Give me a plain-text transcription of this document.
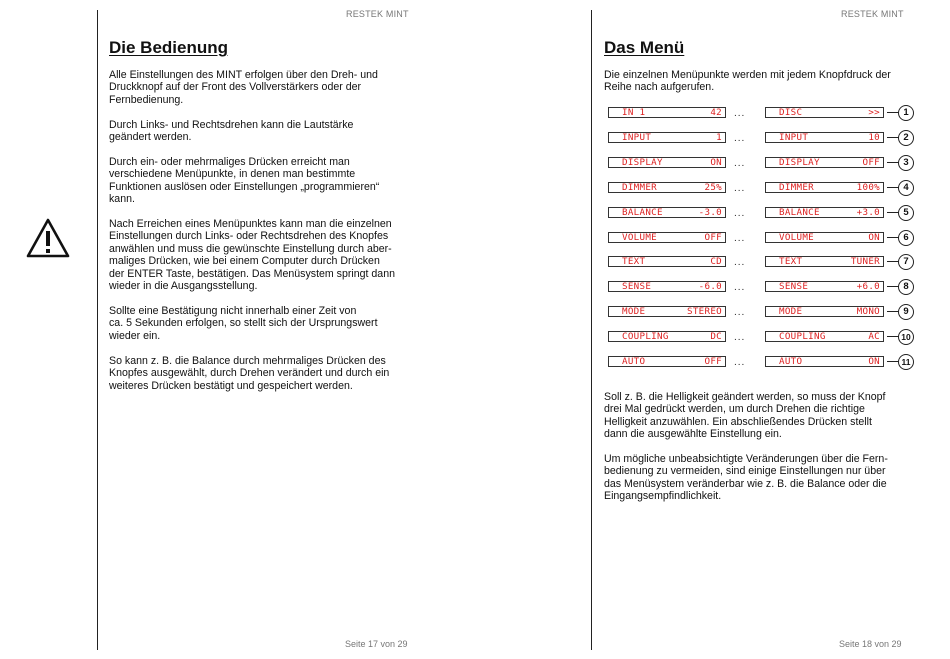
RESTEK MINT
Die Bedienung

Alle Einstellungen des MINT erfolgen über den Dreh- und
Druckknopf auf der Front des Vollverstärkers oder der
Fernbedienung.

Durch Links- und Rechtsdrehen kann die Lautstärke
geändert werden.

Durch ein- oder mehrmaliges Drücken erreicht man
verschiedene Menüpunkte, in denen man bestimmte
Funktionen auslösen oder Einstellungen „programmieren“
kann.

Nach Erreichen eines Menüpunktes kann man die einzelnen
Einstellungen durch Links- oder Rechtsdrehen des Knopfes
anwählen und muss die gewünschte Einstellung durch aber-
maliges Drücken, wie bei einem Computer durch Drücken
der ENTER Taste, bestätigen. Das Menüsystem springt dann
wieder in die Ausgangsstellung.

Sollte eine Bestätigung nicht innerhalb einer Zeit von
ca. 5 Sekunden erfolgen, so stellt sich der Ursprungswert
wieder ein.

So kann z. B. die Balance durch mehrmaliges Drücken des
Knopfes ausgewählt, durch Drehen verändert und durch ein
weiteres Drücken bestätigt und gespeichert werden.

Seite 17 von 29
RESTEK MINT
Das Menü

Die einzelnen Menüpunkte werden mit jedem Knopfdruck der
Reihe nach aufgerufen.

IN 1	42 ...	DISC	>>	1
INPUT	1 ...	INPUT	10	2
DISPLAY	ON ...	DISPLAY	OFF	3
DIMMER	25% ...	DIMMER	100%	4
BALANCE	-3.0 ...	BALANCE	+3.0	5
VOLUME	OFF ...	VOLUME	ON	6
TEXT	CD ...	TEXT	TUNER	7
SENSE	-6.0 ...	SENSE	+6.0	8
MODE	STEREO ...	MODE	MONO	9
COUPLING	DC ...	COUPLING	AC	10
AUTO	OFF ...	AUTO	ON	11

Soll z. B. die Helligkeit geändert werden, so muss der Knopf
drei Mal gedrückt werden, um durch Drehen die richtige
Helligkeit anzuwählen. Ein abschließendes Drücken stellt
dann die ausgewählte Einstellung ein.

Um mögliche unbeabsichtigte Veränderungen über die Fern-
bedienung zu vermeiden, sind einige Einstellungen nur über
das Menüsystem veränderbar wie z. B. die Balance oder die
Eingangsempfindlichkeit.

Seite 18 von 29
